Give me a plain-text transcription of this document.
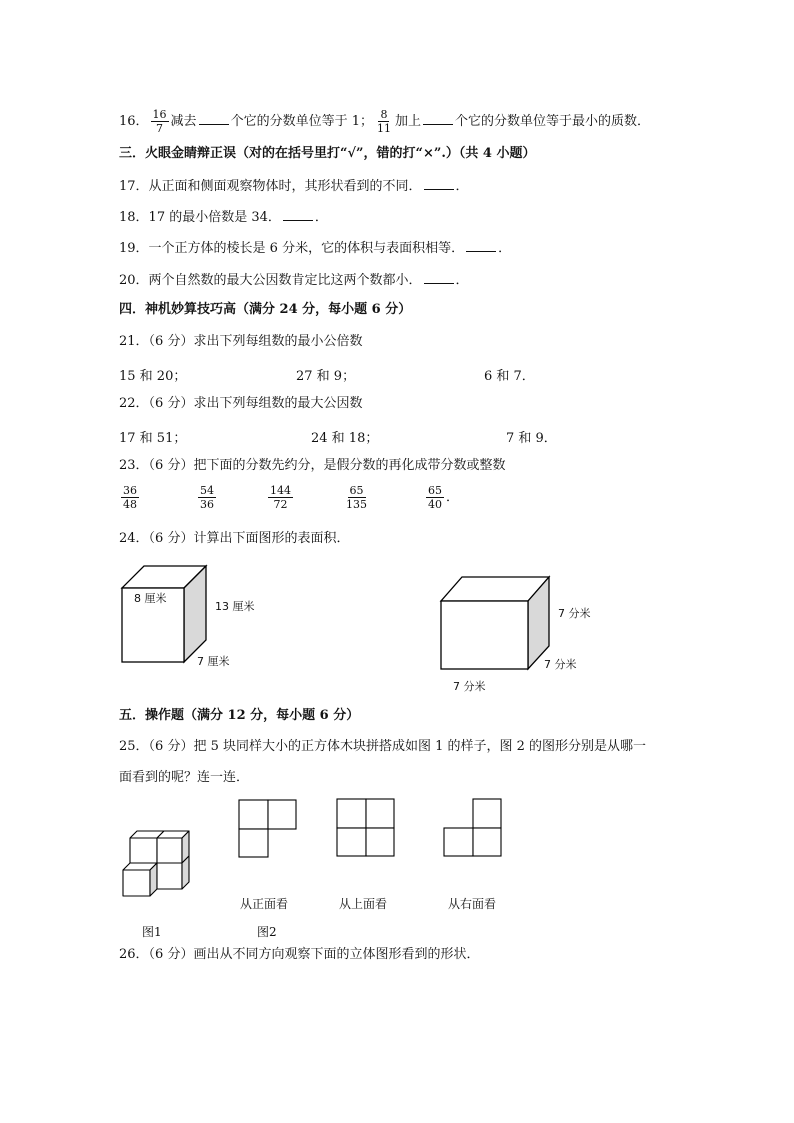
16． $\frac{16}{7}$ 减去	个它的分数单位等于 1； $\frac{8}{11}$ 加上	个它的分数单位等于最小的质数．
三．火眼金睛辩正误（对的在括号里打“√”，错的打“×”.）（共 4 小题）
17．从正面和侧面观察物体时，其形状看到的不同．	．
18．17 的最小倍数是 34．	．
19．一个正方体的棱长是 6 分米，它的体积与表面积相等．	．
20．两个自然数的最大公因数肯定比这两个数都小．	．
四．神机妙算技巧高（满分 24 分，每小题 6 分）
21．（6 分）求出下列每组数的最小公倍数
15 和 20；	27 和 9；	6 和 7．
22．（6 分）求出下列每组数的最大公因数
17 和 51；	24 和 18；	7 和 9．
23．（6 分）把下面的分数先约分，是假分数的再化成带分数或整数
$\frac{36}{48}$	$\frac{54}{36}$	$\frac{144}{72}$	$\frac{65}{135}$	$\frac{65}{40}$ ．
24．（6 分）计算出下面图形的表面积．
8 厘米
13 厘米
7 厘米
7 分米
7 分米
7 分米
五．操作题（满分 12 分，每小题 6 分）
25．（6 分）把 5 块同样大小的正方体木块拼搭成如图 1 的样子，图 2 的图形分别是从哪一
面看到的呢？连一连．
从正面看	从上面看	从右面看
图1	图2
26．（6 分）画出从不同方向观察下面的立体图形看到的形状．
